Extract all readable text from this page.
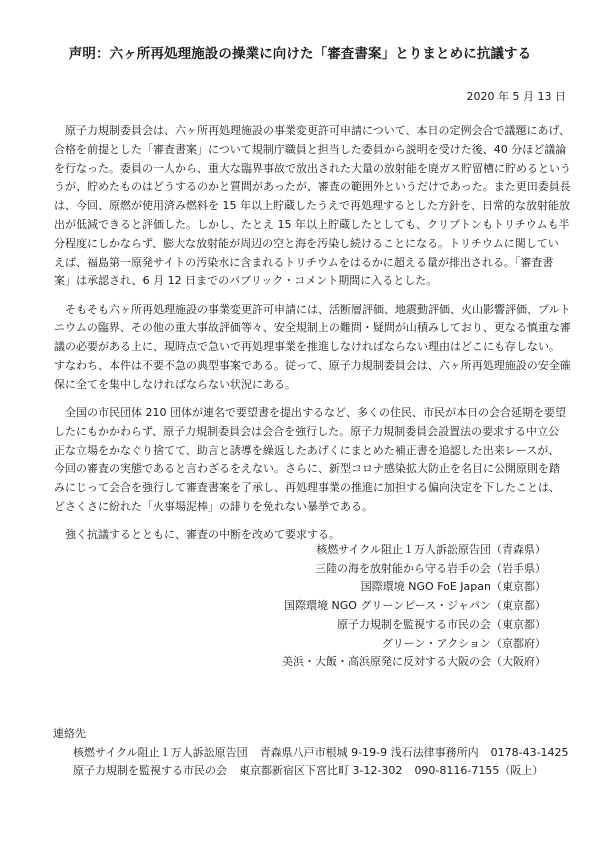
声明：六ヶ所再処理施設の操業に向けた「審査書案」とりまとめに抗議する
2020 年 5 月 13 日

　原子力規制委員会は、六ヶ所再処理施設の事業変更許可申請について、本日の定例会合で議題にあげ、
合格を前提とした「審査書案」について規制庁職員と担当した委員から説明を受けた後、40 分ほど議論
を行なった。委員の一人から、重大な臨界事故で放出された大量の放射能を廃ガス貯留槽に貯めるという
うが、貯めたものはどうするのかと質問があったが、審査の範囲外というだけであった。また更田委員長
は、今回、原燃が使用済み燃料を 15 年以上貯蔵したうえで再処理するとした方針を、日常的な放射能放
出が低減できると評価した。しかし、たとえ 15 年以上貯蔵したとしても、クリプトンもトリチウムも半
分程度にしかならず、膨大な放射能が周辺の空と海を汚染し続けることになる。トリチウムに関してい
えば、福島第一原発サイトの汚染水に含まれるトリチウムをはるかに超える量が排出される。「審査書
案」は承認され、6 月 12 日までのパブリック・コメント期間に入るとした。

　そもそも六ヶ所再処理施設の事業変更許可申請には、活断層評価、地震動評価、火山影響評価、プルト
ニウムの臨界、その他の重大事故評価等々、安全規制上の難問・疑問が山積みしており、更なる慎重な審
議の必要がある上に、現時点で急いで再処理事業を推進しなければならない理由はどこにも存しない。
すなわち、本件は不要不急の典型事案である。従って、原子力規制委員会は、六ヶ所再処理施設の安全確
保に全てを集中しなければならない状況にある。

　全国の市民団体 210 団体が連名で要望書を提出するなど、多くの住民、市民が本日の会合延期を要望
したにもかかわらず、原子力規制委員会は会合を強行した。原子力規制委員会設置法の要求する中立公
正な立場をかなぐり捨てて、助言と誘導を繰返したあげくにまとめた補正書を追認した出来レースが、
今回の審査の実態であると言わざるをえない。さらに、新型コロナ感染拡大防止を名目に公開原則を踏
みにじって会合を強行して審査書案を了承し、再処理事業の推進に加担する偏向決定を下したことは、
どさくさに紛れた「火事場泥棒」の誹りを免れない暴挙である。

　強く抗議するとともに、審査の中断を改めて要求する。

核燃サイクル阻止１万人訴訟原告団（青森県）
三陸の海を放射能から守る岩手の会（岩手県）
国際環境 NGO FoE Japan（東京都）
国際環境 NGO グリーンピース・ジャパン（東京都）
原子力規制を監視する市民の会（東京都）
グリーン・アクション（京都府）
美浜・大飯・高浜原発に反対する大阪の会（大阪府）
連絡先
核燃サイクル阻止１万人訴訟原告団 青森県八戸市根城 9-19-9 浅石法律事務所内 0178-43-1425
原子力規制を監視する市民の会 東京都新宿区下宮比町 3-12-302 090-8116-7155（阪上）
